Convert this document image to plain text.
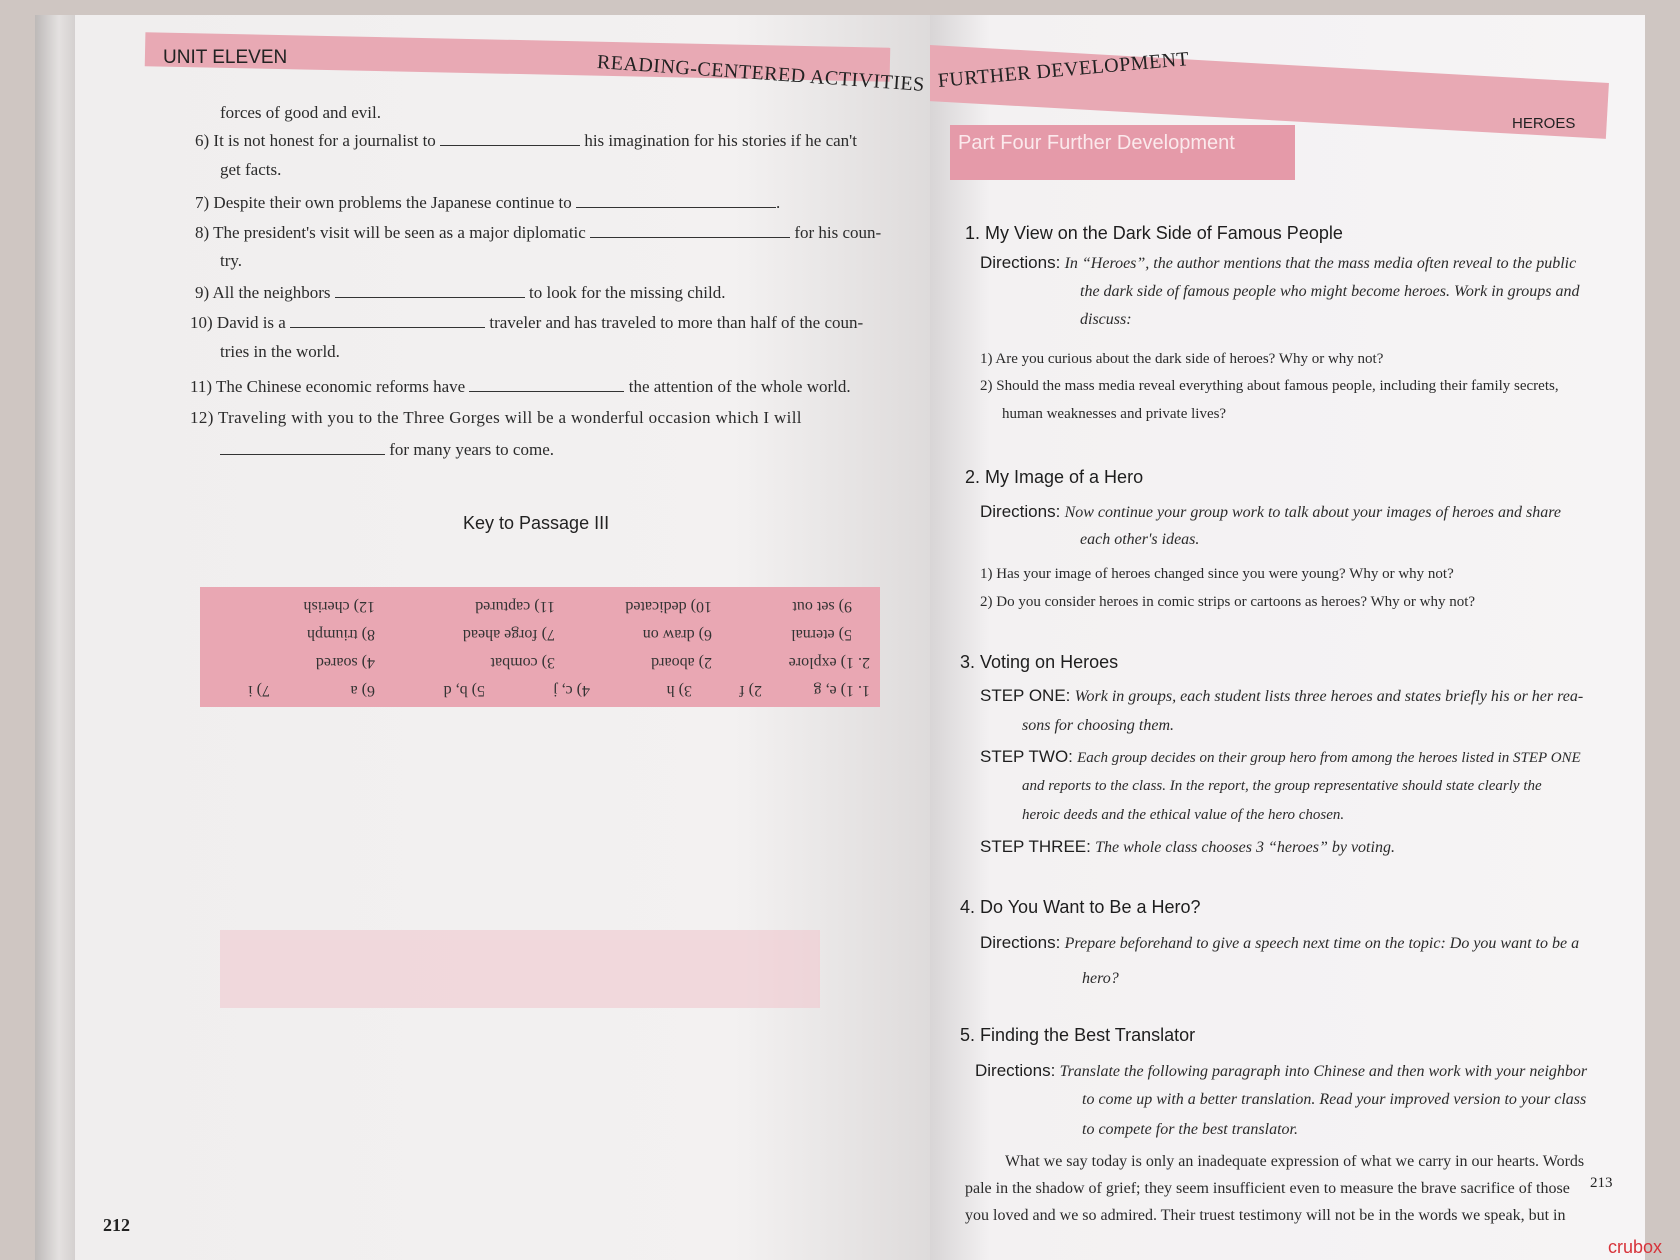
UNIT ELEVEN	READING-CENTERED ACTIVITIES
forces of good and evil.
6) It is not honest for a journalist to	his imagination for his stories if he can't
get facts.
7) Despite their own problems the Japanese continue to	.
8) The president's visit will be seen as a major diplomatic	for his coun-
try.
9) All the neighbors	to look for the missing child.
10) David is a	traveler and has traveled to more than half of the coun-
tries in the world.
11) The Chinese economic reforms have	the attention of the whole world.
12) Traveling with you to the Three Gorges will be a wonderful occasion which I will
for many years to come.
Key to Passage III
1. 1) e, g
2) f
3) h
4) c, j
5) b, d
6) a
7) i
2. 1) explore
2) aboard
3) combat
4) soared
5) eternal
6) draw on
7) forge ahead
8) triumph
9) set out
10) dedicated
11) captured
12) cherish
212
FURTHER DEVELOPMENT
HEROES
Part Four Further Development
1. My View on the Dark Side of Famous People
Directions: In “Heroes”, the author mentions that the mass media often reveal to the public
the dark side of famous people who might become heroes. Work in groups and
discuss:
1) Are you curious about the dark side of heroes? Why or why not?
2) Should the mass media reveal everything about famous people, including their family secrets,
human weaknesses and private lives?
2. My Image of a Hero
Directions: Now continue your group work to talk about your images of heroes and share
each other's ideas.
1) Has your image of heroes changed since you were young? Why or why not?
2) Do you consider heroes in comic strips or cartoons as heroes? Why or why not?
3. Voting on Heroes
STEP ONE: Work in groups, each student lists three heroes and states briefly his or her rea-
sons for choosing them.
STEP TWO: Each group decides on their group hero from among the heroes listed in STEP ONE
and reports to the class. In the report, the group representative should state clearly the
heroic deeds and the ethical value of the hero chosen.
STEP THREE: The whole class chooses 3 “heroes” by voting.
4. Do You Want to Be a Hero?
Directions: Prepare beforehand to give a speech next time on the topic: Do you want to be a
hero?
5. Finding the Best Translator
Directions: Translate the following paragraph into Chinese and then work with your neighbor
to come up with a better translation. Read your improved version to your class
to compete for the best translator.
What we say today is only an inadequate expression of what we carry in our hearts. Words
pale in the shadow of grief; they seem insufficient even to measure the brave sacrifice of those
you loved and we so admired. Their truest testimony will not be in the words we speak, but in
213
crubox
